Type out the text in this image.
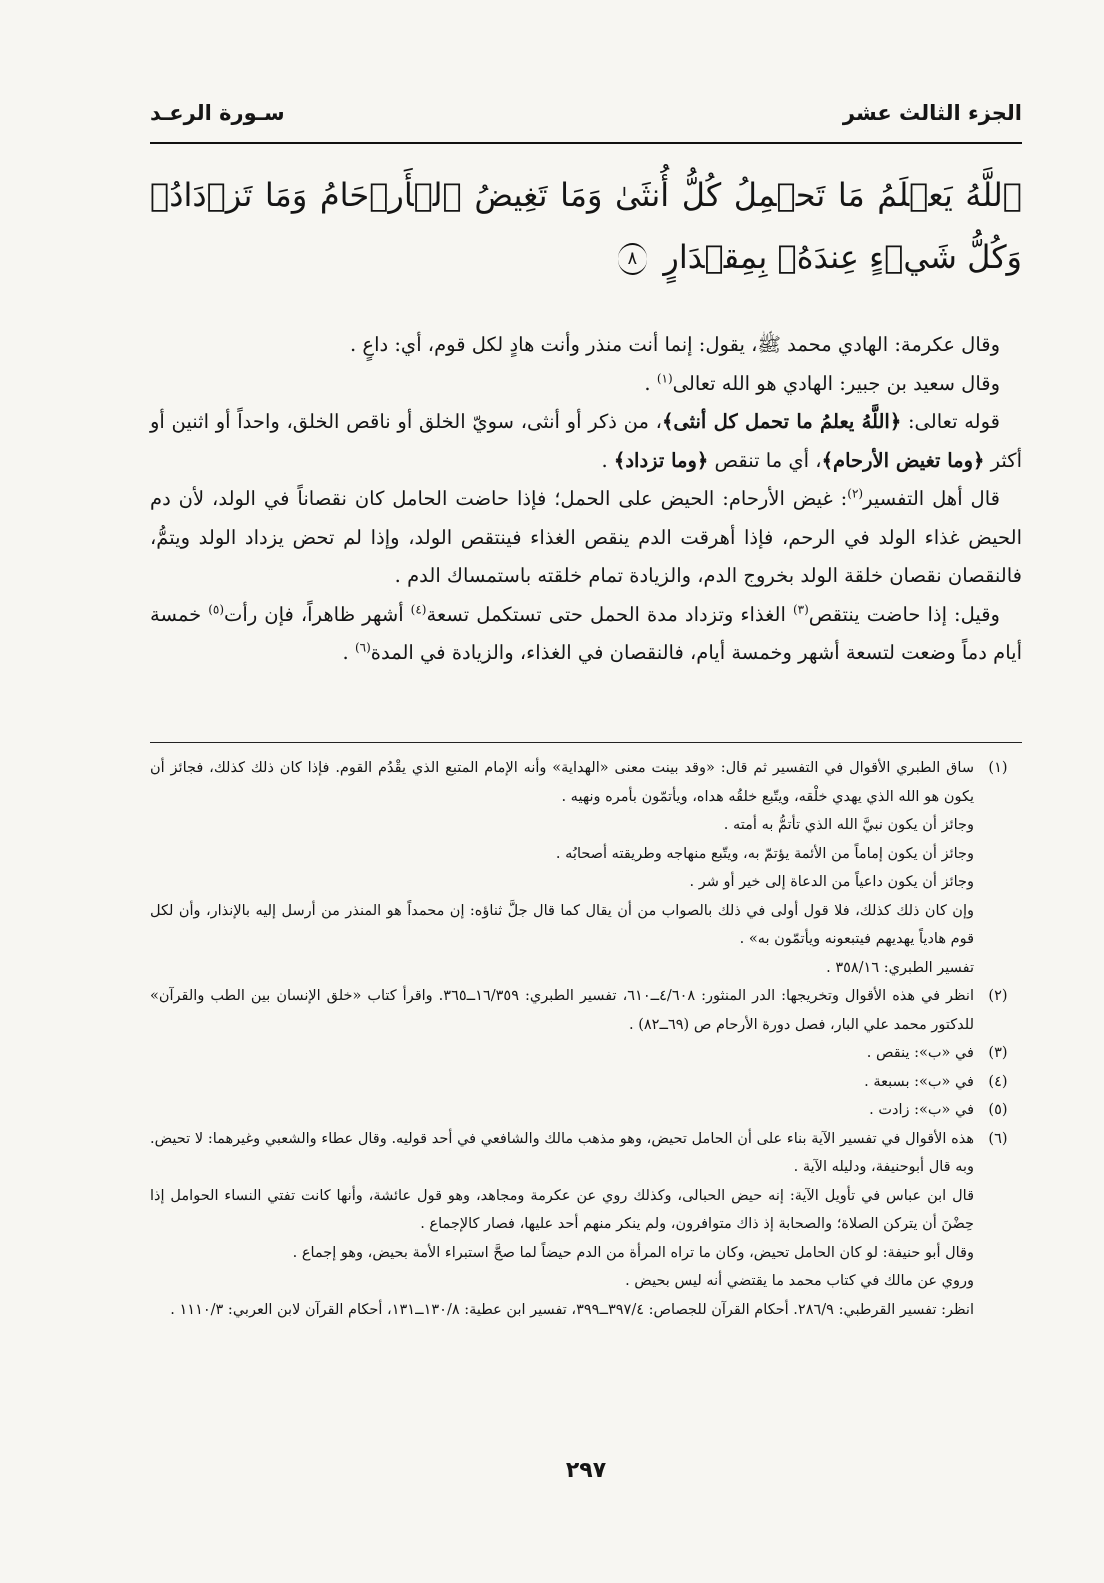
الجزء الثالث عشر
سـورة الرعـد
ٱللَّهُ يَعۡلَمُ مَا تَحۡمِلُ كُلُّ أُنثَىٰ وَمَا تَغِيضُ ٱلۡأَرۡحَامُ وَمَا تَزۡدَادُۖ وَكُلُّ شَيۡءٍ عِندَهُۥ بِمِقۡدَارٍ ٨

وقال عكرمة: الهادي محمد ﷺ، يقول: إنما أنت منذر وأنت هادٍ لكل قوم، أي: داعٍ .

وقال سعيد بن جبير: الهادي هو الله تعالى$^{(١)}$ .

قوله تعالى: ﴿اللَّهُ يعلمُ ما تحمل كل أنثى﴾، من ذكر أو أنثى، سويّ الخلق أو ناقص الخلق، واحداً أو اثنين أو أكثر ﴿وما تغيض الأرحام﴾، أي ما تنقص ﴿وما تزداد﴾ .

قال أهل التفسير$^{(٢)}$: غيض الأرحام: الحيض على الحمل؛ فإذا حاضت الحامل كان نقصاناً في الولد، لأن دم الحيض غذاء الولد في الرحم، فإذا أهرقت الدم ينقص الغذاء فينتقص الولد، وإذا لم تحض يزداد الولد ويتمُّ، فالنقصان نقصان خلقة الولد بخروج الدم، والزيادة تمام خلقته باستمساك الدم .

وقيل: إذا حاضت ينتقص$^{(٣)}$ الغذاء وتزداد مدة الحمل حتى تستكمل تسعة$^{(٤)}$ أشهر ظاهراً، فإن رأت$^{(٥)}$ خمسة أيام دماً وضعت لتسعة أشهر وخمسة أيام، فالنقصان في الغذاء، والزيادة في المدة$^{(٦)}$ .

(١)
ساق الطبري الأقوال في التفسير ثم قال: «وقد بينت معنى «الهداية» وأنه الإمام المتبع الذي يقْدُم القوم. فإذا كان ذلك كذلك، فجائز أن يكون هو الله الذي يهدي خلْقه، ويتّبع خلقُه هداه، ويأتمّون بأمره ونهيه .
وجائز أن يكون نبيَّ الله الذي تأتمُّ به أمته .
وجائز أن يكون إماماً من الأئمة يؤتمّ به، ويتّبع منهاجه وطريقته أصحابُه .
وجائز أن يكون داعياً من الدعاة إلى خير أو شر .
وإن كان ذلك كذلك، فلا قول أولى في ذلك بالصواب من أن يقال كما قال جلَّ ثناؤه: إن محمداً هو المنذر من أرسل إليه بالإنذار، وأن لكل قوم هادياً يهديهم فيتبعونه ويأتمّون به» .
تفسير الطبري: ٣٥٨/١٦ .
(٢)
انظر في هذه الأقوال وتخريجها: الدر المنثور: ٤/٦٠٨ــ٦١٠، تفسير الطبري: ١٦/٣٥٩ــ٣٦٥. واقرأ كتاب «خلق الإنسان بين الطب والقرآن» للدكتور محمد علي البار، فصل دورة الأرحام ص (٦٩ــ٨٢) .
(٣)
في «ب»: ينقص .
(٤)
في «ب»: بسبعة .
(٥)
في «ب»: زادت .
(٦)
هذه الأقوال في تفسير الآية بناء على أن الحامل تحيض، وهو مذهب مالك والشافعي في أحد قوليه. وقال عطاء والشعبي وغيرهما: لا تحيض. وبه قال أبوحنيفة، ودليله الآية .
قال ابن عباس في تأويل الآية: إنه حيض الحبالى، وكذلك روي عن عكرمة ومجاهد، وهو قول عائشة، وأنها كانت تفتي النساء الحوامل إذا حِضْنَ أن يتركن الصلاة؛ والصحابة إذ ذاك متوافرون، ولم ينكر منهم أحد عليها، فصار كالإجماع .
وقال أبو حنيفة: لو كان الحامل تحيض، وكان ما تراه المرأة من الدم حيضاً لما صحَّ استبراء الأمة بحيض، وهو إجماع .
وروي عن مالك في كتاب محمد ما يقتضي أنه ليس بحيض .
انظر: تفسير القرطبي: ٢٨٦/٩. أحكام القرآن للجصاص: ٣٩٧/٤ــ٣٩٩، تفسير ابن عطية: ١٣٠/٨ــ١٣١، أحكام القرآن لابن العربي: ١١١٠/٣ .
٢٩٧
